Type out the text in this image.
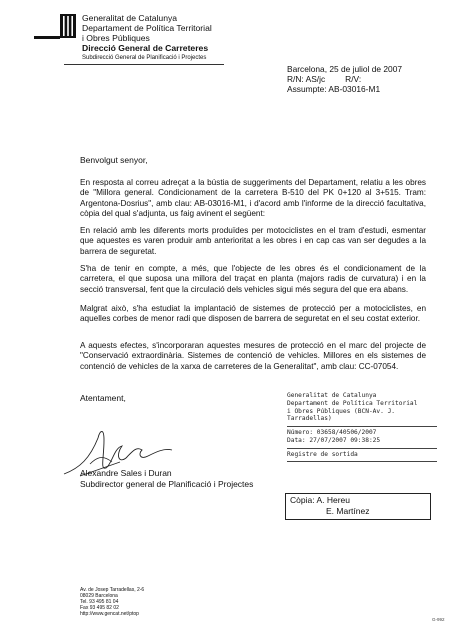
Generalitat de Catalunya
Departament de Política Territorial
i Obres Públiques
Direcció General de Carreteres
Subdirecció General de Planificació i Projectes
Barcelona, 25 de juliol de 2007
R/N: AS/jc R/V:
Assumpte: AB-03016-M1
Benvolgut senyor,
En resposta al correu adreçat a la bústia de suggeriments del Departament, relatiu a les obres de "Millora general. Condicionament de la carretera B-510 del PK 0+120 al 3+515. Tram: Argentona-Dosrius", amb clau: AB-03016-M1, i d'acord amb l'informe de la direcció facultativa, còpia del qual s'adjunta, us faig avinent el següent:
En relació amb les diferents morts produïdes per motociclistes en el tram d'estudi, esmentar que aquestes es varen produir amb anterioritat a les obres i en cap cas van ser degudes a la barrera de seguretat.
S'ha de tenir en compte, a més, que l'objecte de les obres és el condicionament de la carretera, el que suposa una millora del traçat en planta (majors radis de curvatura) i en la secció transversal, fent que la circulació dels vehicles sigui més segura del que era abans.
Malgrat això, s'ha estudiat la implantació de sistemes de protecció per a motociclistes, en aquelles corbes de menor radi que disposen de barrera de seguretat en el seu costat exterior.
A aquests efectes, s'incorporaran aquestes mesures de protecció en el marc del projecte de "Conservació extraordinària. Sistemes de contenció de vehicles. Millores en els sistemes de contenció de vehicles de la xarxa de carreteres de la Generalitat", amb clau: CC-07054.
Atentament,
Alexandre Sales i Duran
Subdirector general de Planificació i Projectes
Generalitat de Catalunya
Departament de Política Territorial
i Obres Públiques (BCN-Av. J.
Tarradellas)
Número: 03658/40506/2007
Data: 27/07/2007 09:38:25
Registre de sortida
Còpia: A. Hereu
E. Martínez
Av. de Josep Tarradellas, 2-6
08029 Barcelona
Tel. 93 495 81 04
Fax 93 495 82 02
http://www.gencat.net/ptop
G-992
